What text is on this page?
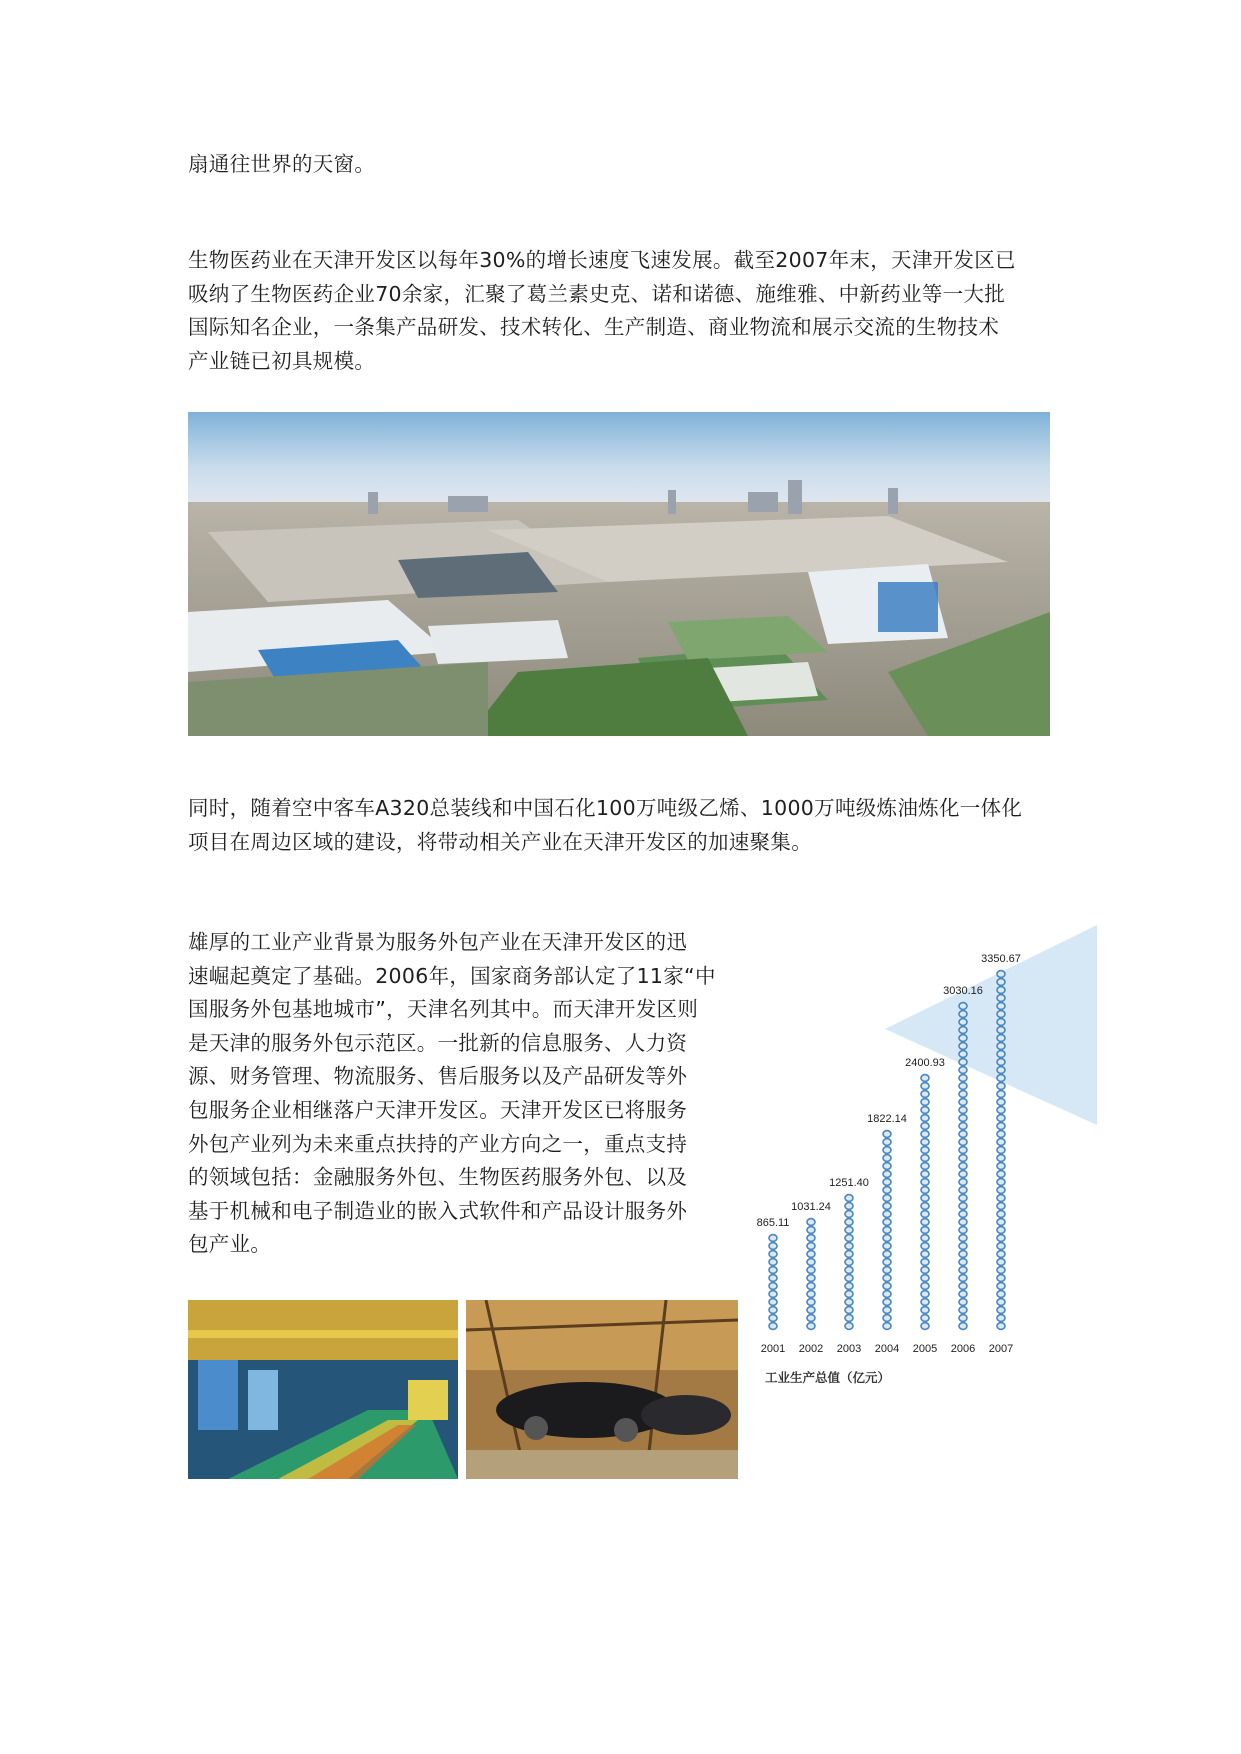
扇通往世界的天窗。
生物医药业在天津开发区以每年30%的增长速度飞速发展。截至2007年末，天津开发区已
吸纳了生物医药企业70余家，汇聚了葛兰素史克、诺和诺德、施维雅、中新药业等一大批
国际知名企业，一条集产品研发、技术转化、生产制造、商业物流和展示交流的生物技术
产业链已初具规模。
同时，随着空中客车A320总装线和中国石化100万吨级乙烯、1000万吨级炼油炼化一体化
项目在周边区域的建设，将带动相关产业在天津开发区的加速聚集。
雄厚的工业产业背景为服务外包产业在天津开发区的迅
速崛起奠定了基础。2006年，国家商务部认定了11家“中
国服务外包基地城市”，天津名列其中。而天津开发区则
是天津的服务外包示范区。一批新的信息服务、人力资
源、财务管理、物流服务、售后服务以及产品研发等外
包服务企业相继落户天津开发区。天津开发区已将服务
外包产业列为未来重点扶持的产业方向之一，重点支持
的领域包括：金融服务外包、生物医药服务外包、以及
基于机械和电子制造业的嵌入式软件和产品设计服务外
包产业。
865.11
1031.24
1251.40
1822.14
2400.93
3030.16
3350.67
2001 2002 2003 2004 2005 2006 2007
工业生产总值（亿元）
